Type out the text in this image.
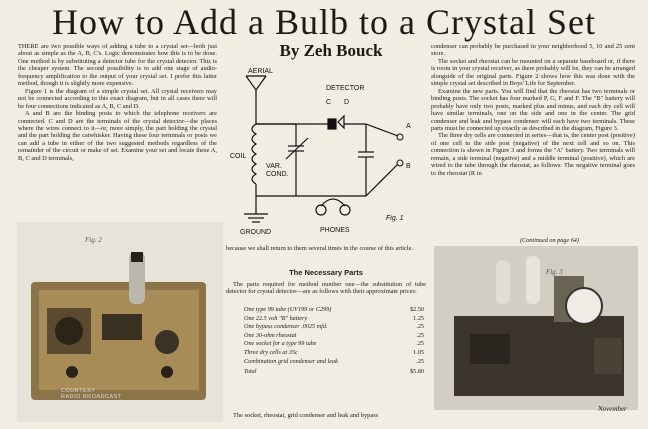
How to Add a Bulb to a Crystal Set
By Zeh Bouck

THERE are two possible ways of adding a tube to a crystal set—both just about as simple as the A, B, C's. Logic demonstrates how this is to be done. One method is by substituting a detector tube for the crystal detector. This is the cheaper system. The second possibility is to add one stage of audio-frequency amplification to the output of your crystal set. I prefer this latter method, though it is slightly more expensive.

Figure 1 is the diagram of a simple crystal set. All crystal receivers may not be connected according to this exact diagram, but in all cases there will be four connections indicated as A, B, C and D.

A and B are the binding posts to which the telephone receivers are connected. C and D are the terminals of the crystal detector—the places where the wires connect to it—or, more simply, the part holding the crystal and the part holding the catwhisker. Having these four terminals or posts we can add a tube in either of the two suggested methods regardless of the remainder of the circuit or make of set. Examine your set and locate these A, B, C and D terminals,

AERIAL
COIL
VAR.
COND.
DETECTOR
C D
A
B
GROUND	PHONES
Fig. 1

because we shall return to them several times in the course of this article.

The Necessary Parts
The parts required for method number one—the substitution of tube detector for crystal detector—are as follows with their approximate prices:
One type 99 tube (UV199 or C299)	$2.50
One 22.5 volt "B" battery	1.25
One bypass condenser .0025 mfd.	.25
One 30-ohm rheostat	.25
One socket for a type 99 tube	.25
Three dry cells at 35c	1.05
Combination grid condenser and leak	.25
Total	$5.80
The socket, rheostat, grid condenser and leak and bypass

condenser can probably be purchased in your neighborhood 5, 10 and 25 cent store.

The socket and rheostat can be mounted on a separate baseboard or, if there is room in your crystal receiver, as there probably will be, they can be arranged alongside of the original parts. Figure 2 shows how this was done with the simple crystal set described in Boys' Life for September.

Examine the new parts. You will find that the rheostat has two terminals or binding posts. The socket has four marked P, G, F and F. The "B" battery will probably have only two posts, marked plus and minus, and each dry cell will have similar terminals, one on the side and one in the center. The grid condenser and leak and bypass condenser will each have two terminals. These parts must be connected up exactly as described in the diagram, Figure 3.

The three dry cells are connected in series—that is, the center post (positive) of one cell to the side post (negative) of the next cell and so on. This connection is shown in Figure 3 and forms the "A" battery. Two terminals will remain, a side terminal (negative) and a middle terminal (positive), which are wired to the tube through the rheostat, as follows: The negative terminal goes to the rheostat (R in

(Continued on page 64)
Fig. 2
COURTESY
RADIO BROADCAST
Fig. 3
November
